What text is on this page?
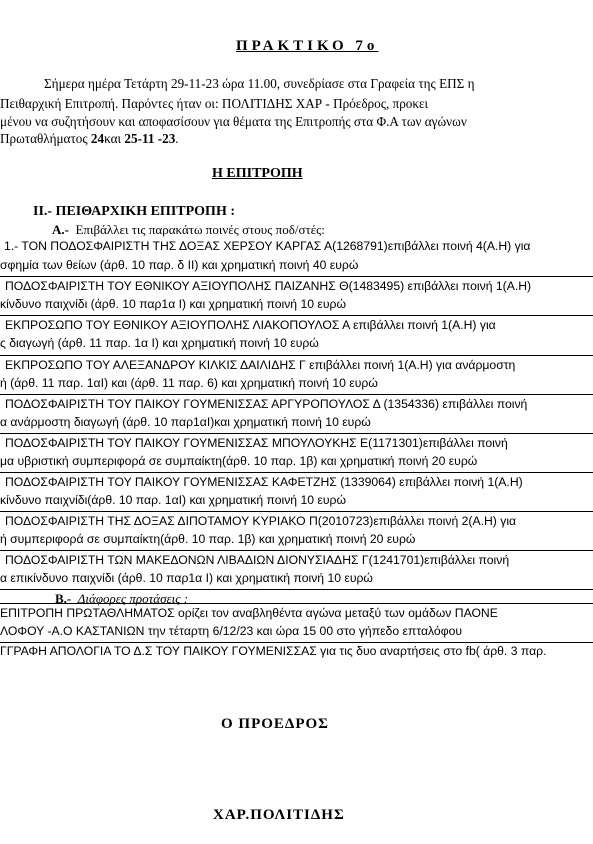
ΠΡΑΚΤΙΚΟ 7ο
Σήμερα ημέρα Τετάρτη 29-11-23 ώρα 11.00, συνεδρίασε στα Γραφεία της ΕΠΣ η
Πειθαρχική Επιτροπή. Παρόντες ήταν οι: ΠΟΛΙΤΙΔΗΣ ΧΑΡ - Πρόεδρος, προκει
μένου να συζητήσουν και αποφασίσουν για θέματα της Επιτροπής στα Φ.Α των αγώνων
Πρωταθλήματος 24και 25-11 -23.
Η ΕΠΙΤΡΟΠΗ
ΙΙ.- ΠΕΙΘΑΡΧΙΚΗ ΕΠΙΤΡΟΠΗ :
Α.- Επιβάλλει τις παρακάτω ποινές στους ποδ/στές:
1.- ΤΟΝ ΠΟΔΟΣΦΑΙΡΙΣΤΗ ΤΗΣ ΔΟΞΑΣ ΧΕΡΣΟΥ ΚΑΡΓΑΣ Α(1268791)επιβάλλει ποινή 4(Α.Η) για
σφημία των θείων (άρθ. 10 παρ. δ ΙΙ) και χρηματική ποινή 40 ευρώ
ΠΟΔΟΣΦΑΙΡΙΣΤΗ ΤΟΥ ΕΘΝΙΚΟΥ ΑΞΙΟΥΠΟΛΗΣ ΠΑΙΖΑΝΗΣ Θ(1483495) επιβάλλει ποινή 1(Α.Η)
κίνδυνο παιχνίδι (άρθ. 10 παρ1α Ι) και χρηματική ποινή 10 ευρώ
ΕΚΠΡΟΣΩΠΟ ΤΟΥ ΕΘΝΙΚΟΥ ΑΞΙΟΥΠΟΛΗΣ ΛΙΑΚΟΠΟΥΛΟΣ Α επιβάλλει ποινή 1(Α.Η) για
ς διαγωγή (άρθ. 11 παρ. 1α Ι) και χρηματική ποινή 10 ευρώ
ΕΚΠΡΟΣΩΠΟ ΤΟΥ ΑΛΕΞΑΝΔΡΟΥ ΚΙΛΚΙΣ ΔΑΙΛΙΔΗΣ Γ επιβάλλει ποινή 1(Α.Η) για ανάρμοστη
ή (άρθ. 11 παρ. 1αΙ) και (άρθ. 11 παρ. 6) και χρηματική ποινή 10 ευρώ
ΠΟΔΟΣΦΑΙΡΙΣΤΗ ΤΟΥ ΠΑΙΚΟΥ ΓΟΥΜΕΝΙΣΣΑΣ ΑΡΓΥΡΟΠΟΥΛΟΣ Δ (1354336) επιβάλλει ποινή
α ανάρμοστη διαγωγή (άρθ. 10 παρ1αΙ)και χρηματική ποινή 10 ευρώ
ΠΟΔΟΣΦΑΙΡΙΣΤΗ ΤΟΥ ΠΑΙΚΟΥ ΓΟΥΜΕΝΙΣΣΑΣ ΜΠΟΥΛΟΥΚΗΣ Ε(1171301)επιβάλλει ποινή
μα υβριστική συμπεριφορά σε συμπαίκτη(άρθ. 10 παρ. 1β) και χρηματική ποινή 20 ευρώ
ΠΟΔΟΣΦΑΙΡΙΣΤΗ ΤΟΥ ΠΑΙΚΟΥ ΓΟΥΜΕΝΙΣΣΑΣ ΚΑΦΕΤΖΗΣ (1339064) επιβάλλει ποινή 1(Α.Η)
κίνδυνο παιχνίδι(άρθ. 10 παρ. 1αΙ) και χρηματική ποινή 10 ευρώ
ΠΟΔΟΣΦΑΙΡΙΣΤΗ ΤΗΣ ΔΟΞΑΣ ΔΙΠΟΤΑΜΟΥ ΚΥΡΙΑΚΟ Π(2010723)επιβάλλει ποινή 2(Α.Η) για
ή συμπεριφορά σε συμπαίκτη(άρθ. 10 παρ. 1β) και χρηματική ποινή 20 ευρώ
ΠΟΔΟΣΦΑΙΡΙΣΤΗ ΤΩΝ ΜΑΚΕΔΟΝΩΝ ΛΙΒΑΔΙΩΝ ΔΙΟΝΥΣΙΑΔΗΣ Γ(1241701)επιβάλλει ποινή
α επικίνδυνο παιχνίδι (άρθ. 10 παρ1α Ι) και χρηματική ποινή 10 ευρώ
Β.- Διάφορες προτάσεις :
ΕΠΙΤΡΟΠΗ ΠΡΩΤΑΘΛΗΜΑΤΟΣ ορίζει τον αναβληθέντα αγώνα μεταξύ των ομάδων ΠΑΟΝΕ
ΛΟΦΟΥ -Α.Ο ΚΑΣΤΑΝΙΩΝ την τέταρτη 6/12/23 και ώρα 15 00 στο γήπεδο επταλόφου
ΓΓΡΑΦΗ ΑΠΟΛΟΓΙΑ ΤΟ Δ.Σ ΤΟΥ ΠΑΙΚΟΥ ΓΟΥΜΕΝΙΣΣΑΣ για τις δυο αναρτήσεις στο fb( άρθ. 3 παρ.
Ο ΠΡΟΕΔΡΟΣ
ΧΑΡ.ΠΟΛΙΤΙΔΗΣ
